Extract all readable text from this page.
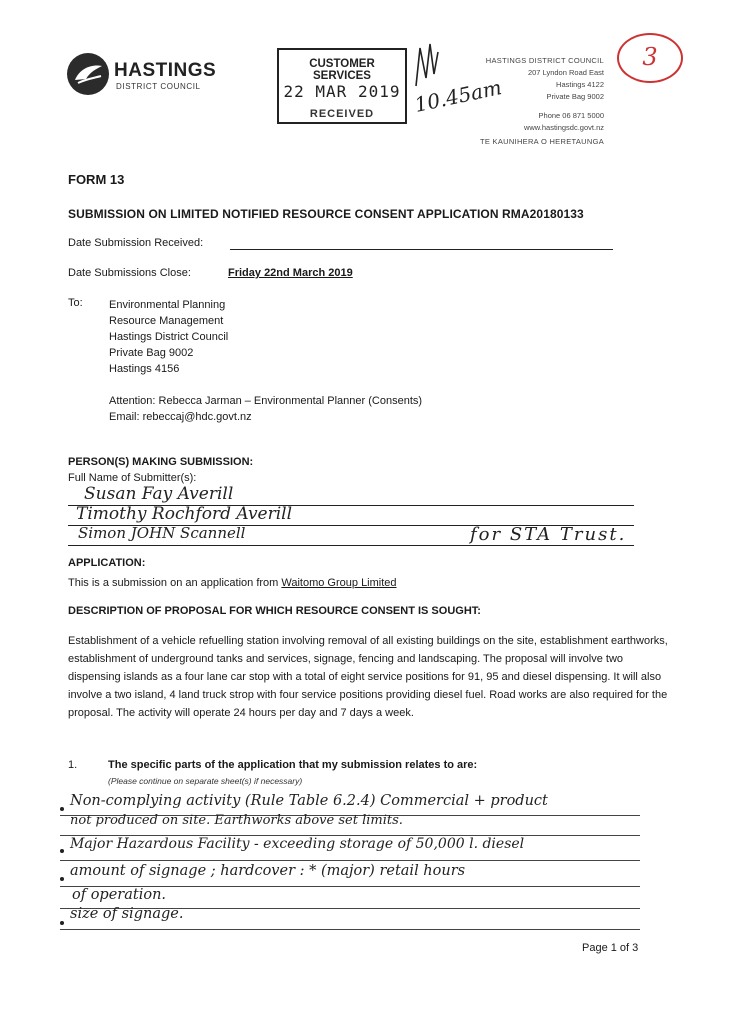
HASTINGS
DISTRICT COUNCIL
CUSTOMER SERVICES
22 MAR 2019
RECEIVED	10.45am
HASTINGS DISTRICT COUNCIL
207 Lyndon Road East
Hastings 4122
Private Bag 9002
Phone 06 871 5000
www.hastingsdc.govt.nz
TE KAUNIHERA O HERETAUNGA
3
FORM 13
SUBMISSION ON LIMITED NOTIFIED RESOURCE CONSENT APPLICATION RMA20180133
Date Submission Received:
Date Submissions Close:	Friday 22nd March 2019
To: Environmental Planning
Resource Management
Hastings District Council
Private Bag 9002
Hastings 4156
Attention: Rebecca Jarman – Environmental Planner (Consents)
Email: rebeccaj@hdc.govt.nz
PERSON(S) MAKING SUBMISSION:
Full Name of Submitter(s):
Susan Fay Averill
Timothy Rochford Averill
Simon JOHN Scannell	for STA Trust.
APPLICATION:
This is a submission on an application from Waitomo Group Limited
DESCRIPTION OF PROPOSAL FOR WHICH RESOURCE CONSENT IS SOUGHT:
Establishment of a vehicle refuelling station involving removal of all existing buildings on the site, establishment earthworks, establishment of underground tanks and services, signage, fencing and landscaping. The proposal will involve two dispensing islands as a four lane car stop with a total of eight service positions for 91, 95 and diesel dispensing. It will also involve a two island, 4 land truck strop with four service positions providing diesel fuel. Road works are also required for the proposal. The activity will operate 24 hours per day and 7 days a week.
1.	The specific parts of the application that my submission relates to are:
(Please continue on separate sheet(s) if necessary)
Non-complying activity (Rule Table 6.2.4) Commercial + product
not produced on site. Earthworks above set limits.
Major Hazardous Facility - exceeding storage of 50,000 l. diesel
amount of signage ; hardcover : * (major) retail hours
of operation.
size of signage.
Page 1 of 3
